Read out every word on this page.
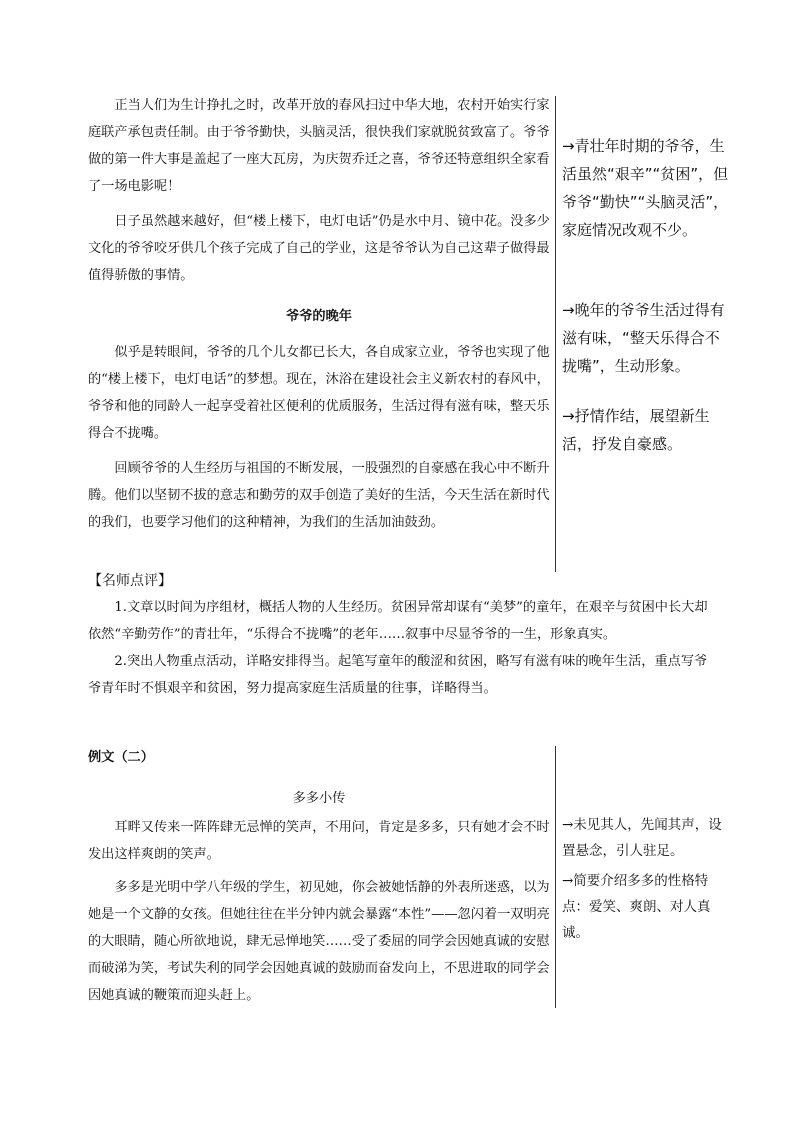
正当人们为生计挣扎之时，改革开放的春风扫过中华大地，农村开始实行家庭联产承包责任制。由于爷爷勤快，头脑灵活，很快我们家就脱贫致富了。爷爷做的第一件大事是盖起了一座大瓦房，为庆贺乔迁之喜，爷爷还特意组织全家看了一场电影呢！

日子虽然越来越好，但“楼上楼下，电灯电话”仍是水中月、镜中花。没多少文化的爷爷咬牙供几个孩子完成了自己的学业，这是爷爷认为自己这辈子做得最值得骄傲的事情。

爷爷的晚年

似乎是转眼间，爷爷的几个儿女都已长大，各自成家立业，爷爷也实现了他的“楼上楼下，电灯电话”的梦想。现在，沐浴在建设社会主义新农村的春风中，爷爷和他的同龄人一起享受着社区便利的优质服务，生活过得有滋有味，整天乐得合不拢嘴。

回顾爷爷的人生经历与祖国的不断发展，一股强烈的自豪感在我心中不断升腾。他们以坚韧不拔的意志和勤劳的双手创造了美好的生活，今天生活在新时代的我们，也要学习他们的这种精神，为我们的生活加油鼓劲。

→青壮年时期的爷爷，生活虽然“艰辛”“贫困”，但爷爷“勤快”“头脑灵活”，家庭情况改观不少。

→晚年的爷爷生活过得有滋有味，“整天乐得合不拢嘴”，生动形象。

→抒情作结，展望新生活，抒发自豪感。

【名师点评】

1.文章以时间为序组材，概括人物的人生经历。贫困异常却谋有“美梦”的童年，在艰辛与贫困中长大却依然“辛勤劳作”的青壮年，“乐得合不拢嘴”的老年……叙事中尽显爷爷的一生，形象真实。

2.突出人物重点活动，详略安排得当。起笔写童年的酸涩和贫困，略写有滋有味的晚年生活，重点写爷爷青年时不惧艰辛和贫困，努力提高家庭生活质量的往事，详略得当。

例文（二）
多多小传

耳畔又传来一阵阵肆无忌惮的笑声，不用问，肯定是多多，只有她才会不时发出这样爽朗的笑声。

多多是光明中学八年级的学生，初见她，你会被她恬静的外表所迷惑，以为她是一个文静的女孩。但她往往在半分钟内就会暴露“本性”——忽闪着一双明亮的大眼睛，随心所欲地说，肆无忌惮地笑……受了委屈的同学会因她真诚的安慰而破涕为笑，考试失利的同学会因她真诚的鼓励而奋发向上，不思进取的同学会因她真诚的鞭策而迎头赶上。

→未见其人，先闻其声，设置悬念，引人驻足。

→简要介绍多多的性格特点：爱笑、爽朗、对人真诚。
